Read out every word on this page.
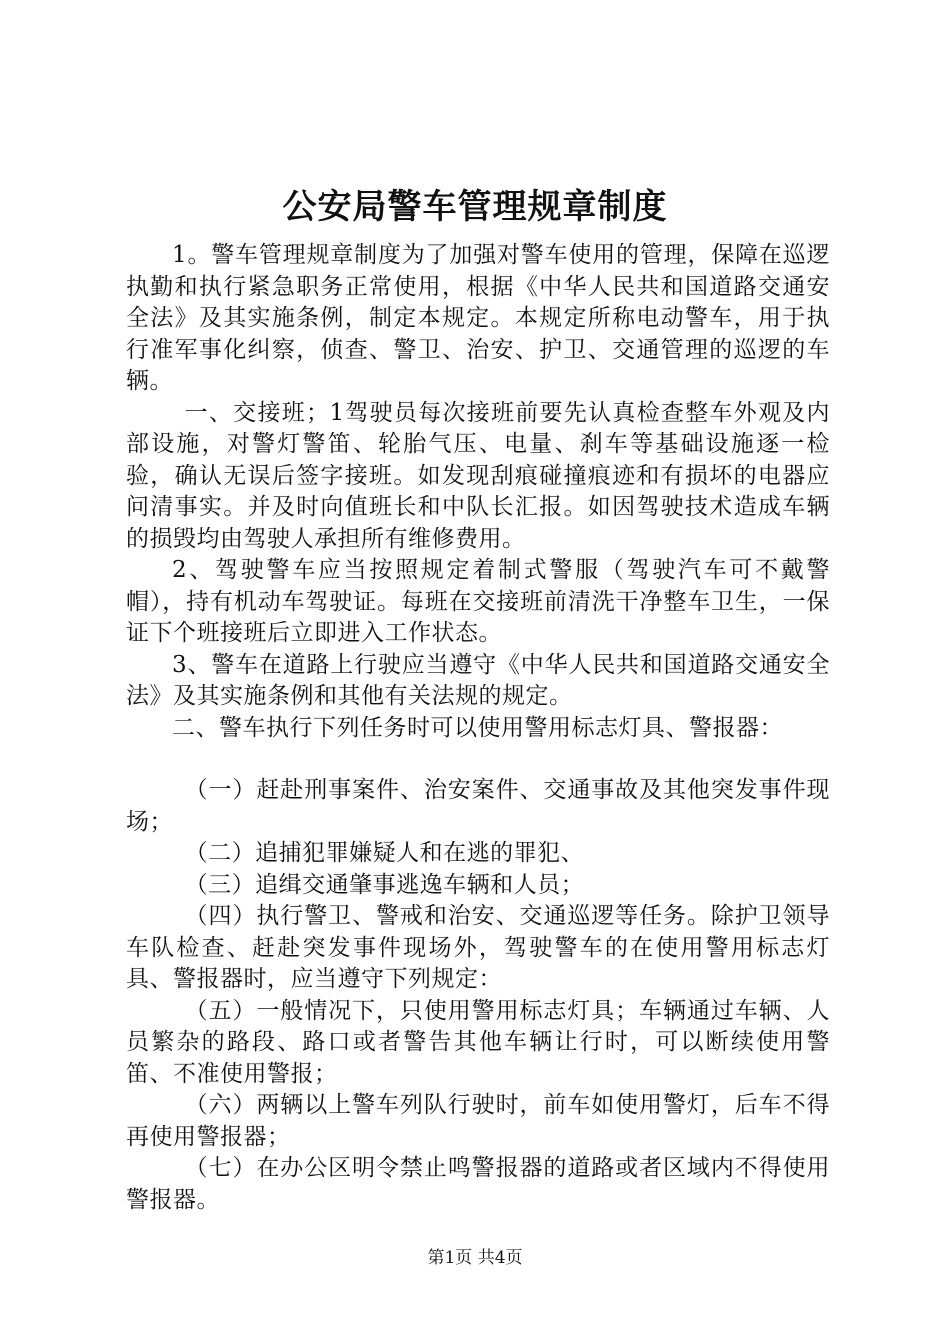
公安局警车管理规章制度

1。警车管理规章制度为了加强对警车使用的管理，保障在巡逻执勤和执行紧急职务正常使用，根据《中华人民共和国道路交通安全法》及其实施条例，制定本规定。本规定所称电动警车，用于执行准军事化纠察，侦查、警卫、治安、护卫、交通管理的巡逻的车辆。

一、交接班；1驾驶员每次接班前要先认真检查整车外观及内部设施，对警灯警笛、轮胎气压、电量、刹车等基础设施逐一检验，确认无误后签字接班。如发现刮痕碰撞痕迹和有损坏的电器应问清事实。并及时向值班长和中队长汇报。如因驾驶技术造成车辆的损毁均由驾驶人承担所有维修费用。

2、驾驶警车应当按照规定着制式警服（驾驶汽车可不戴警帽），持有机动车驾驶证。每班在交接班前清洗干净整车卫生，一保证下个班接班后立即进入工作状态。

3、警车在道路上行驶应当遵守《中华人民共和国道路交通安全法》及其实施条例和其他有关法规的规定。

二、警车执行下列任务时可以使用警用标志灯具、警报器：

（一）赶赴刑事案件、治安案件、交通事故及其他突发事件现场；

（二）追捕犯罪嫌疑人和在逃的罪犯、

（三）追缉交通肇事逃逸车辆和人员；

（四）执行警卫、警戒和治安、交通巡逻等任务。除护卫领导车队检查、赶赴突发事件现场外，驾驶警车的在使用警用标志灯具、警报器时，应当遵守下列规定：

（五）一般情况下，只使用警用标志灯具；车辆通过车辆、人员繁杂的路段、路口或者警告其他车辆让行时，可以断续使用警笛、不准使用警报；

（六）两辆以上警车列队行驶时，前车如使用警灯，后车不得再使用警报器；

（七）在办公区明令禁止鸣警报器的道路或者区域内不得使用警报器。

第1页 共4页
